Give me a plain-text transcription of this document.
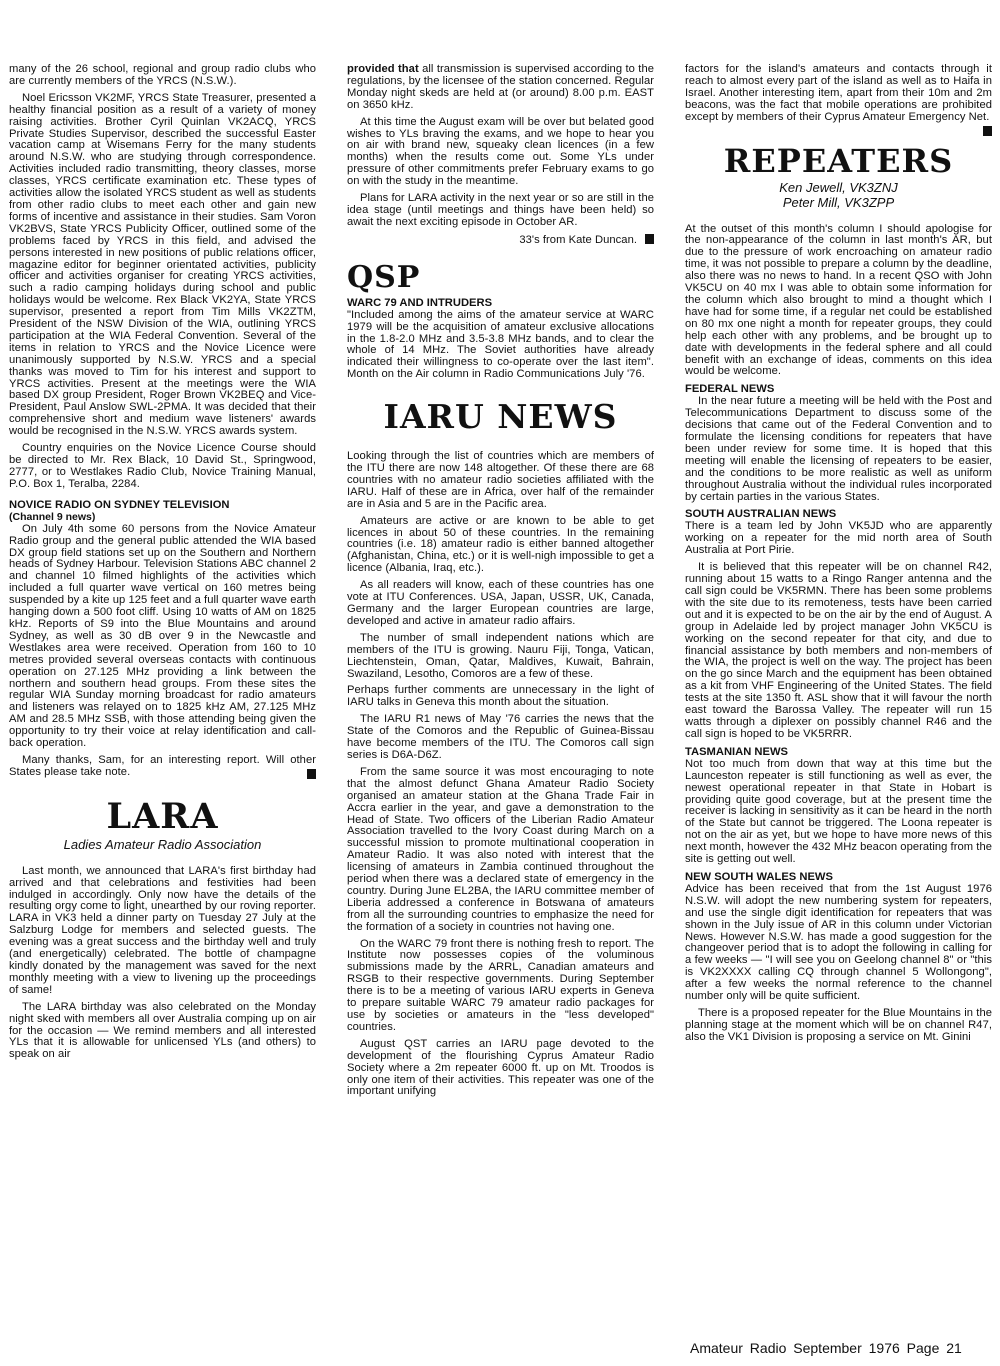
many of the 26 school, regional and group radio clubs who are currently members of the YRCS (N.S.W.).

Noel Ericsson VK2MF, YRCS State Treasurer, presented a healthy financial position as a result of a variety of money raising activities. Brother Cyril Quinlan VK2ACQ, YRCS Private Studies Supervisor, described the successful Easter vacation camp at Wisemans Ferry for the many students around N.S.W. who are studying through correspondence. Activities included radio transmitting, theory classes, morse classes, YRCS certificate examination etc. These types of activities allow the isolated YRCS student as well as students from other radio clubs to meet each other and gain new forms of incentive and assistance in their studies. Sam Voron VK2BVS, State YRCS Publicity Officer, outlined some of the problems faced by YRCS in this field, and advised the persons interested in new positions of public relations officer, magazine editor for beginner orientated activities, publicity officer and activities organiser for creating YRCS activities, such a radio camping holidays during school and public holidays would be welcome. Rex Black VK2YA, State YRCS supervisor, presented a report from Tim Mills VK2ZTM, President of the NSW Division of the WIA, outlining YRCS participation at the WIA Federal Convention. Several of the items in relation to YRCS and the Novice Licence were unanimously supported by N.S.W. YRCS and a special thanks was moved to Tim for his interest and support to YRCS activities. Present at the meetings were the WIA based DX group President, Roger Brown VK2BEQ and Vice-President, Paul Anslow SWL-2PMA. It was decided that their comprehensive short and medium wave listeners' awards would be recognised in the N.S.W. YRCS awards system.

Country enquiries on the Novice Licence Course should be directed to Mr. Rex Black, 10 David St., Springwood, 2777, or to Westlakes Radio Club, Novice Training Manual, P.O. Box 1, Teralba, 2284.

NOVICE RADIO ON SYDNEY TELEVISION
(Channel 9 news)

On July 4th some 60 persons from the Novice Amateur Radio group and the general public attended the WIA based DX group field stations set up on the Southern and Northern heads of Sydney Harbour. Television Stations ABC channel 2 and channel 10 filmed highlights of the activities which included a full quarter wave vertical on 160 metres being suspended by a kite up 125 feet and a full quarter wave earth hanging down a 500 foot cliff. Using 10 watts of AM on 1825 kHz. Reports of S9 into the Blue Mountains and around Sydney, as well as 30 dB over 9 in the Newcastle and Westlakes area were received. Operation from 160 to 10 metres provided several overseas contacts with continuous operation on 27.125 MHz providing a link between the northern and southern head groups. From these sites the regular WIA Sunday morning broadcast for radio amateurs and listeners was relayed on to 1825 kHz AM, 27.125 MHz AM and 28.5 MHz SSB, with those attending being given the opportunity to try their voice at relay identification and call-back operation.

Many thanks, Sam, for an interesting report. Will other States please take note.

LARA
Ladies Amateur Radio Association

Last month, we announced that LARA's first birthday had arrived and that celebrations and festivities had been indulged in accordingly. Only now have the details of the resulting orgy come to light, unearthed by our roving reporter. LARA in VK3 held a dinner party on Tuesday 27 July at the Salzburg Lodge for members and selected guests. The evening was a great success and the birthday well and truly (and energetically) celebrated. The bottle of champagne kindly donated by the management was saved for the next monthly meeting with a view to livening up the proceedings of same!

The LARA birthday was also celebrated on the Monday night sked with members all over Australia comping up on air for the occasion — We remind members and all interested YLs that it is allowable for unlicensed YLs (and others) to speak on air

provided that all transmission is supervised according to the regulations, by the licensee of the station concerned. Regular Monday night skeds are held at (or around) 8.00 p.m. EAST on 3650 kHz.

At this time the August exam will be over but belated good wishes to YLs braving the exams, and we hope to hear you on air with brand new, squeaky clean licences (in a few months) when the results come out. Some YLs under pressure of other commitments prefer February exams to go on with the study in the meantime.

Plans for LARA activity in the next year or so are still in the idea stage (until meetings and things have been held) so await the next exciting episode in October AR.

33's from Kate Duncan.

QSP
WARC 79 AND INTRUDERS

"Included among the aims of the amateur service at WARC 1979 will be the acquisition of amateur exclusive allocations in the 1.8-2.0 MHz and 3.5-3.8 MHz bands, and to clear the whole of 14 MHz. The Soviet authorities have already indicated their willingness to co-operate over the last item". Month on the Air column in Radio Communications July '76.

IARU NEWS

Looking through the list of countries which are members of the ITU there are now 148 altogether. Of these there are 68 countries with no amateur radio societies affiliated with the IARU. Half of these are in Africa, over half of the remainder are in Asia and 5 are in the Pacific area.

Amateurs are active or are known to be able to get licences in about 50 of these countries. In the remaining countries (i.e. 18) amateur radio is either banned altogether (Afghanistan, China, etc.) or it is well-nigh impossible to get a licence (Albania, Iraq, etc.).

As all readers will know, each of these countries has one vote at ITU Conferences. USA, Japan, USSR, UK, Canada, Germany and the larger European countries are large, developed and active in amateur radio affairs.

The number of small independent nations which are members of the ITU is growing. Nauru Fiji, Tonga, Vatican, Liechtenstein, Oman, Qatar, Maldives, Kuwait, Bahrain, Swaziland, Lesotho, Comoros are a few of these.

Perhaps further comments are unnecessary in the light of IARU talks in Geneva this month about the situation.

The IARU R1 news of May '76 carries the news that the State of the Comoros and the Republic of Guinea-Bissau have become members of the ITU. The Comoros call sign series is D6A-D6Z.

From the same source it was most encouraging to note that the almost defunct Ghana Amateur Radio Society organised an amateur station at the Ghana Trade Fair in Accra earlier in the year, and gave a demonstration to the Head of State. Two officers of the Liberian Radio Amateur Association travelled to the Ivory Coast during March on a successful mission to promote multinational cooperation in Amateur Radio. It was also noted with interest that the licensing of amateurs in Zambia continued throughout the period when there was a declared state of emergency in the country. During June EL2BA, the IARU committee member of Liberia addressed a conference in Botswana of amateurs from all the surrounding countries to emphasize the need for the formation of a society in countries not having one.

On the WARC 79 front there is nothing fresh to report. The Institute now possesses copies of the voluminous submissions made by the ARRL, Canadian amateurs and RSGB to their respective governments. During September there is to be a meeting of various IARU experts in Geneva to prepare suitable WARC 79 amateur radio packages for use by societies or amateurs in the "less developed" countries.

August QST carries an IARU page devoted to the development of the flourishing Cyprus Amateur Radio Society where a 2m repeater 6000 ft. up on Mt. Troodos is only one item of their activities. This repeater was one of the important unifying

factors for the island's amateurs and contacts through it reach to almost every part of the island as well as to Haifa in Israel. Another interesting item, apart from their 10m and 2m beacons, was the fact that mobile operations are prohibited except by members of their Cyprus Amateur Emergency Net.

REPEATERS
Ken Jewell, VK3ZNJ
Peter Mill, VK3ZPP

At the outset of this month's column I should apologise for the non-appearance of the column in last month's AR, but due to the pressure of work encroaching on amateur radio time, it was not possible to prepare a column by the deadline, also there was no news to hand. In a recent QSO with John VK5CU on 40 mx I was able to obtain some information for the column which also brought to mind a thought which I have had for some time, if a regular net could be established on 80 mx one night a month for repeater groups, they could help each other with any problems, and be brought up to date with developments in the federal sphere and all could benefit with an exchange of ideas, comments on this idea would be welcome.

FEDERAL NEWS

In the near future a meeting will be held with the Post and Telecommunications Department to discuss some of the decisions that came out of the Federal Convention and to formulate the licensing conditions for repeaters that have been under review for some time. It is hoped that this meeting will enable the licensing of repeaters to be easier, and the conditions to be more realistic as well as uniform throughout Australia without the individual rules incorporated by certain parties in the various States.

SOUTH AUSTRALIAN NEWS

There is a team led by John VK5JD who are apparently working on a repeater for the mid north area of South Australia at Port Pirie.

It is believed that this repeater will be on channel R42, running about 15 watts to a Ringo Ranger antenna and the call sign could be VK5RMN. There has been some problems with the site due to its remoteness, tests have been carried out and it is expected to be on the air by the end of August. A group in Adelaide led by project manager John VK5CU is working on the second repeater for that city, and due to financial assistance by both members and non-members of the WIA, the project is well on the way. The project has been on the go since March and the equipment has been obtained as a kit from VHF Engineering of the United States. The field tests at the site 1350 ft. ASL show that it will favour the north east toward the Barossa Valley. The repeater will run 15 watts through a diplexer on possibly channel R46 and the call sign is hoped to be VK5RRR.

TASMANIAN NEWS

Not too much from down that way at this time but the Launceston repeater is still functioning as well as ever, the newest operational repeater in that State in Hobart is providing quite good coverage, but at the present time the receiver is lacking in sensitivity as it can be heard in the north of the State but cannot be triggered. The Loona repeater is not on the air as yet, but we hope to have more news of this next month, however the 432 MHz beacon operating from the site is getting out well.

NEW SOUTH WALES NEWS

Advice has been received that from the 1st August 1976 N.S.W. will adopt the new numbering system for repeaters, and use the single digit identification for repeaters that was shown in the July issue of AR in this column under Victorian News. However N.S.W. has made a good suggestion for the changeover period that is to adopt the following in calling for a few weeks — "I will see you on Geelong channel 8" or "this is VK2XXXX calling CQ through channel 5 Wollongong", after a few weeks the normal reference to the channel number only will be quite sufficient.

There is a proposed repeater for the Blue Mountains in the planning stage at the moment which will be on channel R47, also the VK1 Division is proposing a service on Mt. Ginini

Amateur Radio September 1976 Page 21
